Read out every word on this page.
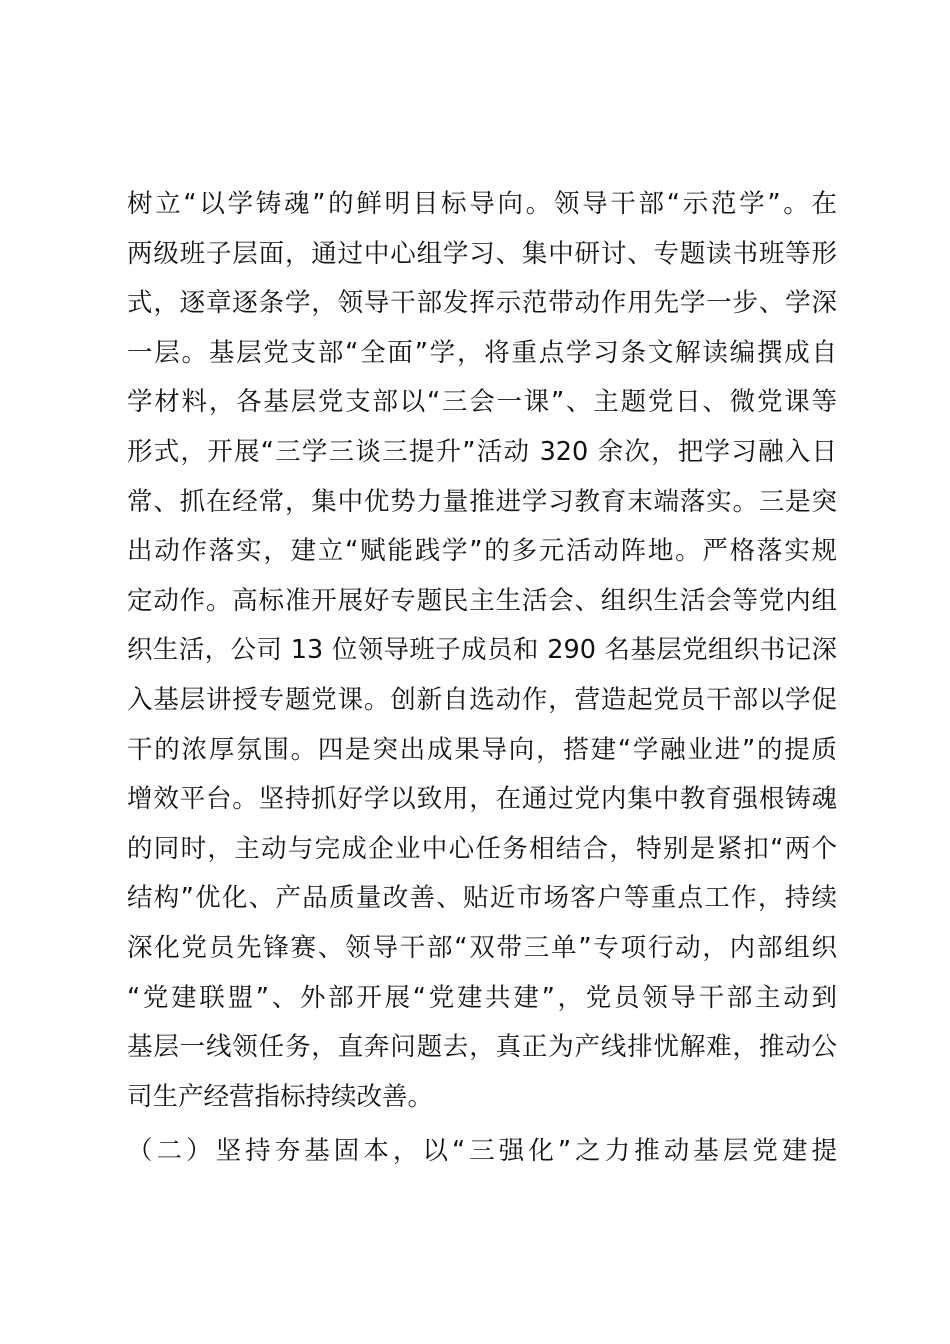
树立“以学铸魂”的鲜明目标导向。领导干部“示范学”。在
两级班子层面，通过中心组学习、集中研讨、专题读书班等形
式，逐章逐条学，领导干部发挥示范带动作用先学一步、学深
一层。基层党支部“全面”学，将重点学习条文解读编撰成自
学材料，各基层党支部以“三会一课”、主题党日、微党课等
形式，开展“三学三谈三提升”活动 320 余次，把学习融入日
常、抓在经常，集中优势力量推进学习教育末端落实。三是突
出动作落实，建立“赋能践学”的多元活动阵地。严格落实规
定动作。高标准开展好专题民主生活会、组织生活会等党内组
织生活，公司 13 位领导班子成员和 290 名基层党组织书记深
入基层讲授专题党课。创新自选动作，营造起党员干部以学促
干的浓厚氛围。四是突出成果导向，搭建“学融业进”的提质
增效平台。坚持抓好学以致用，在通过党内集中教育强根铸魂
的同时，主动与完成企业中心任务相结合，特别是紧扣“两个
结构”优化、产品质量改善、贴近市场客户等重点工作，持续
深化党员先锋赛、领导干部“双带三单”专项行动，内部组织
“党建联盟”、外部开展“党建共建”，党员领导干部主动到
基层一线领任务，直奔问题去，真正为产线排忧解难，推动公
司生产经营指标持续改善。
（二）坚持夯基固本，以“三强化”之力推动基层党建提
